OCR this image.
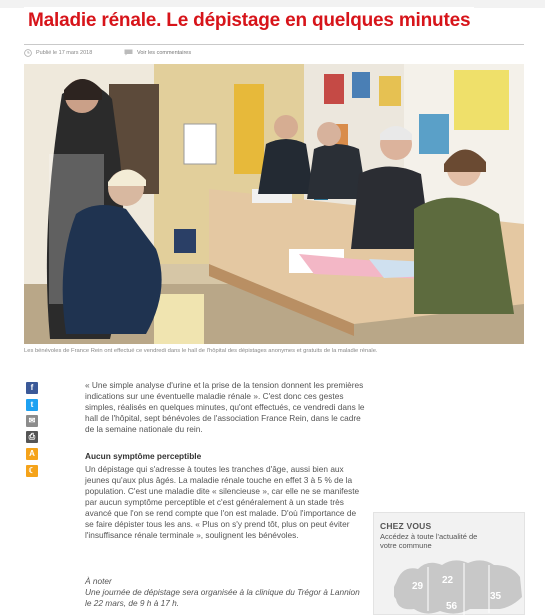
Maladie rénale. Le dépistage en quelques minutes
Publié le 17 mars 2018	Voir les commentaires
Les bénévoles de France Rein ont effectué ce vendredi dans le hall de l'hôpital des dépistages anonymes et gratuits de la maladie rénale.
f
t
✉
⎙
A
☾
« Une simple analyse d'urine et la prise de la tension donnent les premières indications sur une éventuelle maladie rénale ». C'est donc ces gestes simples, réalisés en quelques minutes, qu'ont effectués, ce vendredi dans le hall de l'hôpital, sept bénévoles de l'association France Rein, dans le cadre de la semaine nationale du rein.
Aucun symptôme perceptible
Un dépistage qui s'adresse à toutes les tranches d'âge, aussi bien aux jeunes qu'aux plus âgés. La maladie rénale touche en effet 3 à 5 % de la population. C'est une maladie dite « silencieuse », car elle ne se manifeste par aucun symptôme perceptible et c'est généralement à un stade très avancé que l'on se rend compte que l'on est malade. D'où l'importance de se faire dépister tous les ans. « Plus on s'y prend tôt, plus on peut éviter l'insuffisance rénale terminale », soulignent les bénévoles.
À noter
Une journée de dépistage sera organisée à la clinique du Trégor à Lannion le 22 mars, de 9 h à 17 h.
CHEZ VOUS
Accédez à toute l'actualité de votre commune
29
22
56
35
